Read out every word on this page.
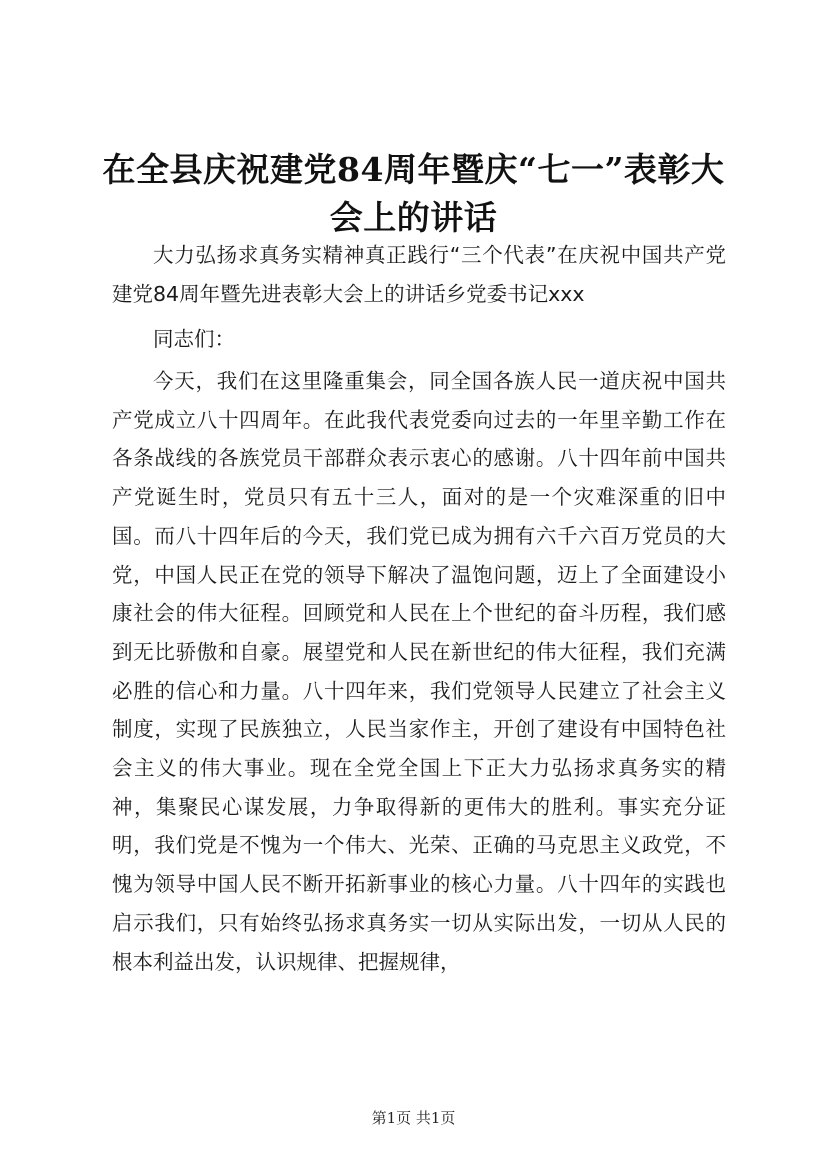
在全县庆祝建党84周年暨庆“七一”表彰大会上的讲话
大力弘扬求真务实精神真正践行“三个代表”在庆祝中国共产党建党84周年暨先进表彰大会上的讲话乡党委书记xxx
同志们：
今天，我们在这里隆重集会，同全国各族人民一道庆祝中国共产党成立八十四周年。在此我代表党委向过去的一年里辛勤工作在各条战线的各族党员干部群众表示衷心的感谢。八十四年前中国共产党诞生时，党员只有五十三人，面对的是一个灾难深重的旧中国。而八十四年后的今天，我们党已成为拥有六千六百万党员的大党，中国人民正在党的领导下解决了温饱问题，迈上了全面建设小康社会的伟大征程。回顾党和人民在上个世纪的奋斗历程，我们感到无比骄傲和自豪。展望党和人民在新世纪的伟大征程，我们充满必胜的信心和力量。八十四年来，我们党领导人民建立了社会主义制度，实现了民族独立，人民当家作主，开创了建设有中国特色社会主义的伟大事业。现在全党全国上下正大力弘扬求真务实的精神，集聚民心谋发展，力争取得新的更伟大的胜利。事实充分证明，我们党是不愧为一个伟大、光荣、正确的马克思主义政党，不愧为领导中国人民不断开拓新事业的核心力量。八十四年的实践也启示我们，只有始终弘扬求真务实一切从实际出发，一切从人民的根本利益出发，认识规律、把握规律，
第1页 共1页
